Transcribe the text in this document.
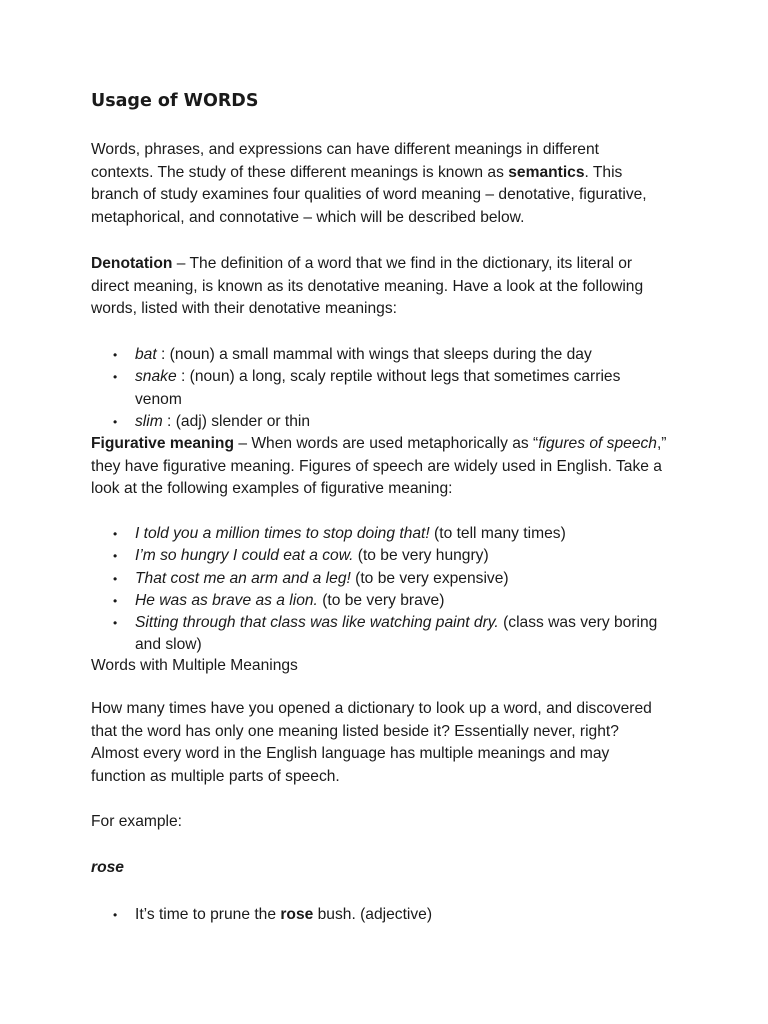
Usage of WORDS

Words, phrases, and expressions can have different meanings in different
contexts. The study of these different meanings is known as semantics. This
branch of study examines four qualities of word meaning – denotative, figurative,
metaphorical, and connotative – which will be described below.

Denotation – The definition of a word that we find in the dictionary, its literal or
direct meaning, is known as its denotative meaning. Have a look at the following
words, listed with their denotative meanings:

• bat : (noun) a small mammal with wings that sleeps during the day
• snake : (noun) a long, scaly reptile without legs that sometimes carries
venom
• slim : (adj) slender or thin

Figurative meaning – When words are used metaphorically as “figures of speech,”
they have figurative meaning. Figures of speech are widely used in English. Take a
look at the following examples of figurative meaning:

• I told you a million times to stop doing that! (to tell many times)
• I’m so hungry I could eat a cow. (to be very hungry)
• That cost me an arm and a leg! (to be very expensive)
• He was as brave as a lion. (to be very brave)
• Sitting through that class was like watching paint dry. (class was very boring
and slow)

Words with Multiple Meanings

How many times have you opened a dictionary to look up a word, and discovered
that the word has only one meaning listed beside it? Essentially never, right?
Almost every word in the English language has multiple meanings and may
function as multiple parts of speech.

For example:

rose

• It’s time to prune the rose bush. (adjective)
